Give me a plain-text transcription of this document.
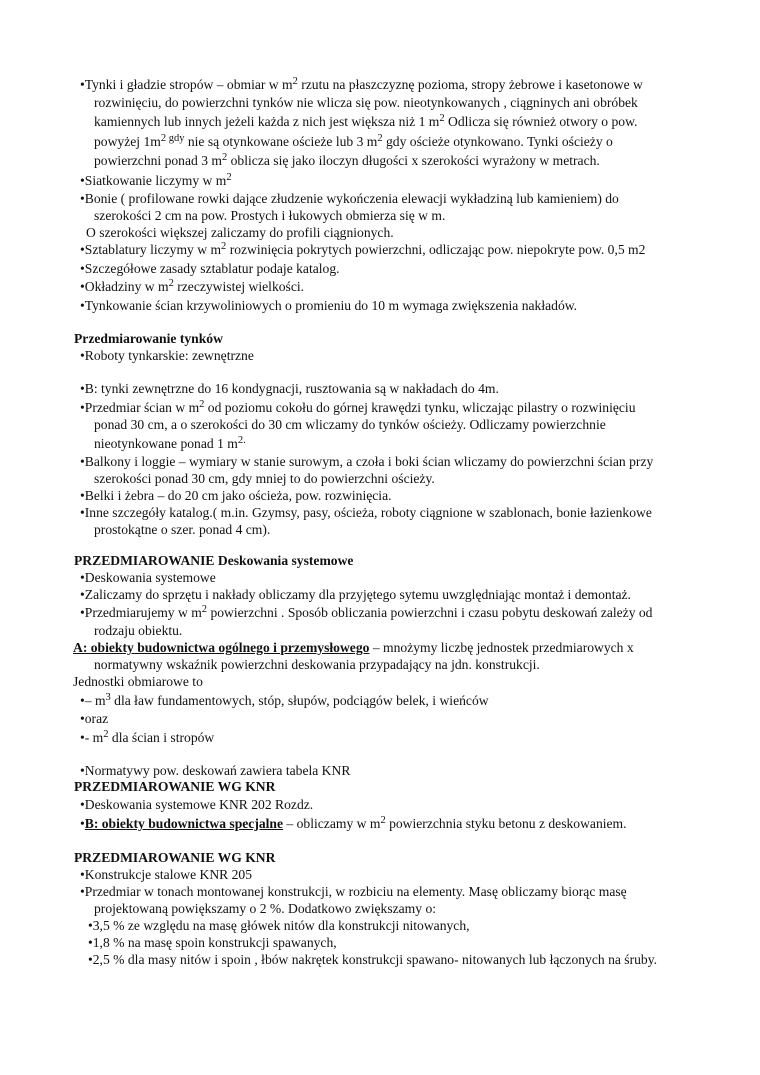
•Tynki i gładzie stropów – obmiar w $m^2$ rzutu na płaszczyznę pozioma, stropy żebrowe i kasetonowe w
rozwinięciu, do powierzchni tynków nie wlicza się pow. nieotynkowanych , ciągninych ani obróbek
kamiennych lub innych jeżeli każda z nich jest większa niż 1 $m^2$ Odlicza się również otwory o pow.
powyżej $1m^2$ $^{gdy}$ nie są otynkowane ościeże lub 3 $m^2$ gdy ościeże otynkowano. Tynki ościeży o
powierzchni ponad 3 $m^2$ oblicza się jako iloczyn długości x szerokości wyrażony w metrach.
•Siatkowanie liczymy w $m^2$
•Bonie ( profilowane rowki dające złudzenie wykończenia elewacji wykładziną lub kamieniem) do
szerokości 2 cm na pow. Prostych i łukowych obmierza się w m.
O szerokości większej zaliczamy do profili ciągnionych.
•Sztablatury liczymy w $m^2$ rozwinięcia pokrytych powierzchni, odliczając pow. niepokryte pow. 0,5 m2
•Szczegółowe zasady sztablatur podaje katalog.
•Okładziny w $m^2$ rzeczywistej wielkości.
•Tynkowanie ścian krzywoliniowych o promieniu do 10 m wymaga zwiększenia nakładów.
Przedmiarowanie tynków
•Roboty tynkarskie: zewnętrzne
•B: tynki zewnętrzne do 16 kondygnacji, rusztowania są w nakładach do 4m.
•Przedmiar ścian w $m^2$ od poziomu cokołu do górnej krawędzi tynku, wliczając pilastry o rozwinięciu
ponad 30 cm, a o szerokości do 30 cm wliczamy do tynków ościeży. Odliczamy powierzchnie
nieotynkowane ponad 1 $m^{2.}$
•Balkony i loggie – wymiary w stanie surowym, a czoła i boki ścian wliczamy do powierzchni ścian przy
szerokości ponad 30 cm, gdy mniej to do powierzchni ościeży.
•Belki i żebra – do 20 cm jako ościeża, pow. rozwinięcia.
•Inne szczegóły katalog.( m.in. Gzymsy, pasy, ościeża, roboty ciągnione w szablonach, bonie łazienkowe
prostokątne o szer. ponad 4 cm).
PRZEDMIAROWANIE Deskowania systemowe
•Deskowania systemowe
•Zaliczamy do sprzętu i nakłady obliczamy dla przyjętego sytemu uwzględniając montaż i demontaż.
•Przedmiarujemy w $m^2$ powierzchni . Sposób obliczania powierzchni i czasu pobytu deskowań zależy od
rodzaju obiektu.
A: obiekty budownictwa ogólnego i przemysłowego – mnożymy liczbę jednostek przedmiarowych x
normatywny wskaźnik powierzchni deskowania przypadający na jdn. konstrukcji.
Jednostki obmiarowe to
•– $m^3$ dla ław fundamentowych, stóp, słupów, podciągów belek, i wieńców
•oraz
•- $m^2$ dla ścian i stropów
•Normatywy pow. deskowań zawiera tabela KNR
PRZEDMIAROWANIE WG KNR
•Deskowania systemowe KNR 202 Rozdz.
•B: obiekty budownictwa specjalne – obliczamy w $m^2$ powierzchnia styku betonu z deskowaniem.
PRZEDMIAROWANIE WG KNR
•Konstrukcje stalowe KNR 205
•Przedmiar w tonach montowanej konstrukcji, w rozbiciu na elementy. Masę obliczamy biorąc masę
projektowaną powiększamy o 2 %. Dodatkowo zwiększamy o:
•3,5 % ze względu na masę główek nitów dla konstrukcji nitowanych,
•1,8 % na masę spoin konstrukcji spawanych,
•2,5 % dla masy nitów i spoin , łbów nakrętek konstrukcji spawano- nitowanych lub łączonych na śruby.
